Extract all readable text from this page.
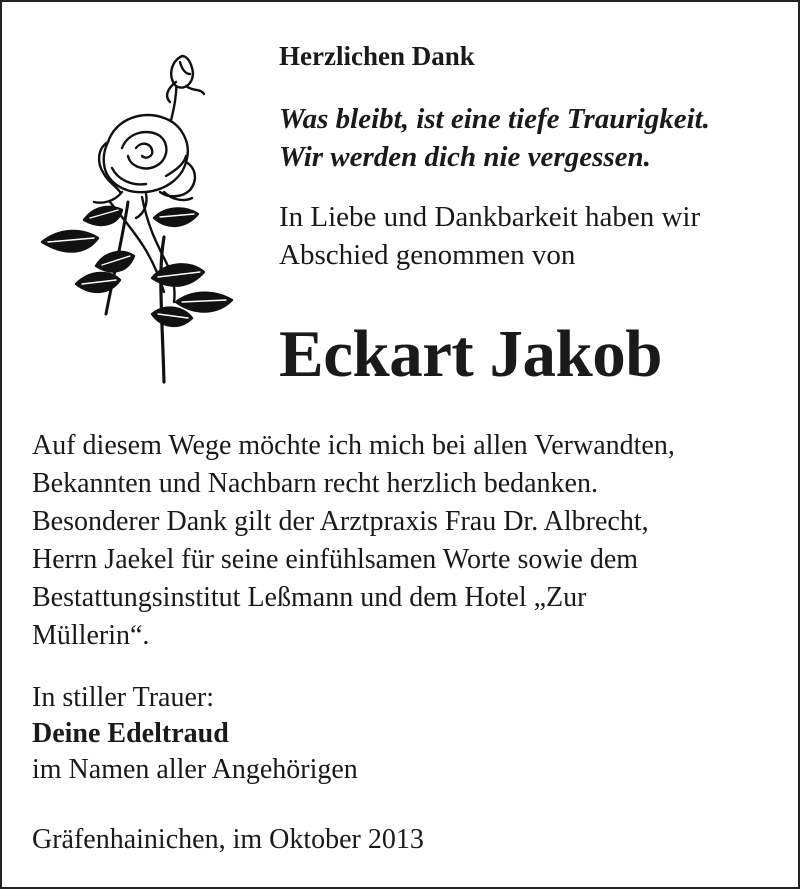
Herzlichen Dank
Was bleibt, ist eine tiefe Traurigkeit.
Wir werden dich nie vergessen.
In Liebe und Dankbarkeit haben wir
Abschied genommen von
Eckart Jakob
Auf diesem Wege möchte ich mich bei allen Verwandten,
Bekannten und Nachbarn recht herzlich bedanken.
Besonderer Dank gilt der Arztpraxis Frau Dr. Albrecht,
Herrn Jaekel für seine einfühlsamen Worte sowie dem
Bestattungsinstitut Leßmann und dem Hotel „Zur
Müllerin“.
In stiller Trauer:
Deine Edeltraud
im Namen aller Angehörigen
Gräfenhainichen, im Oktober 2013
